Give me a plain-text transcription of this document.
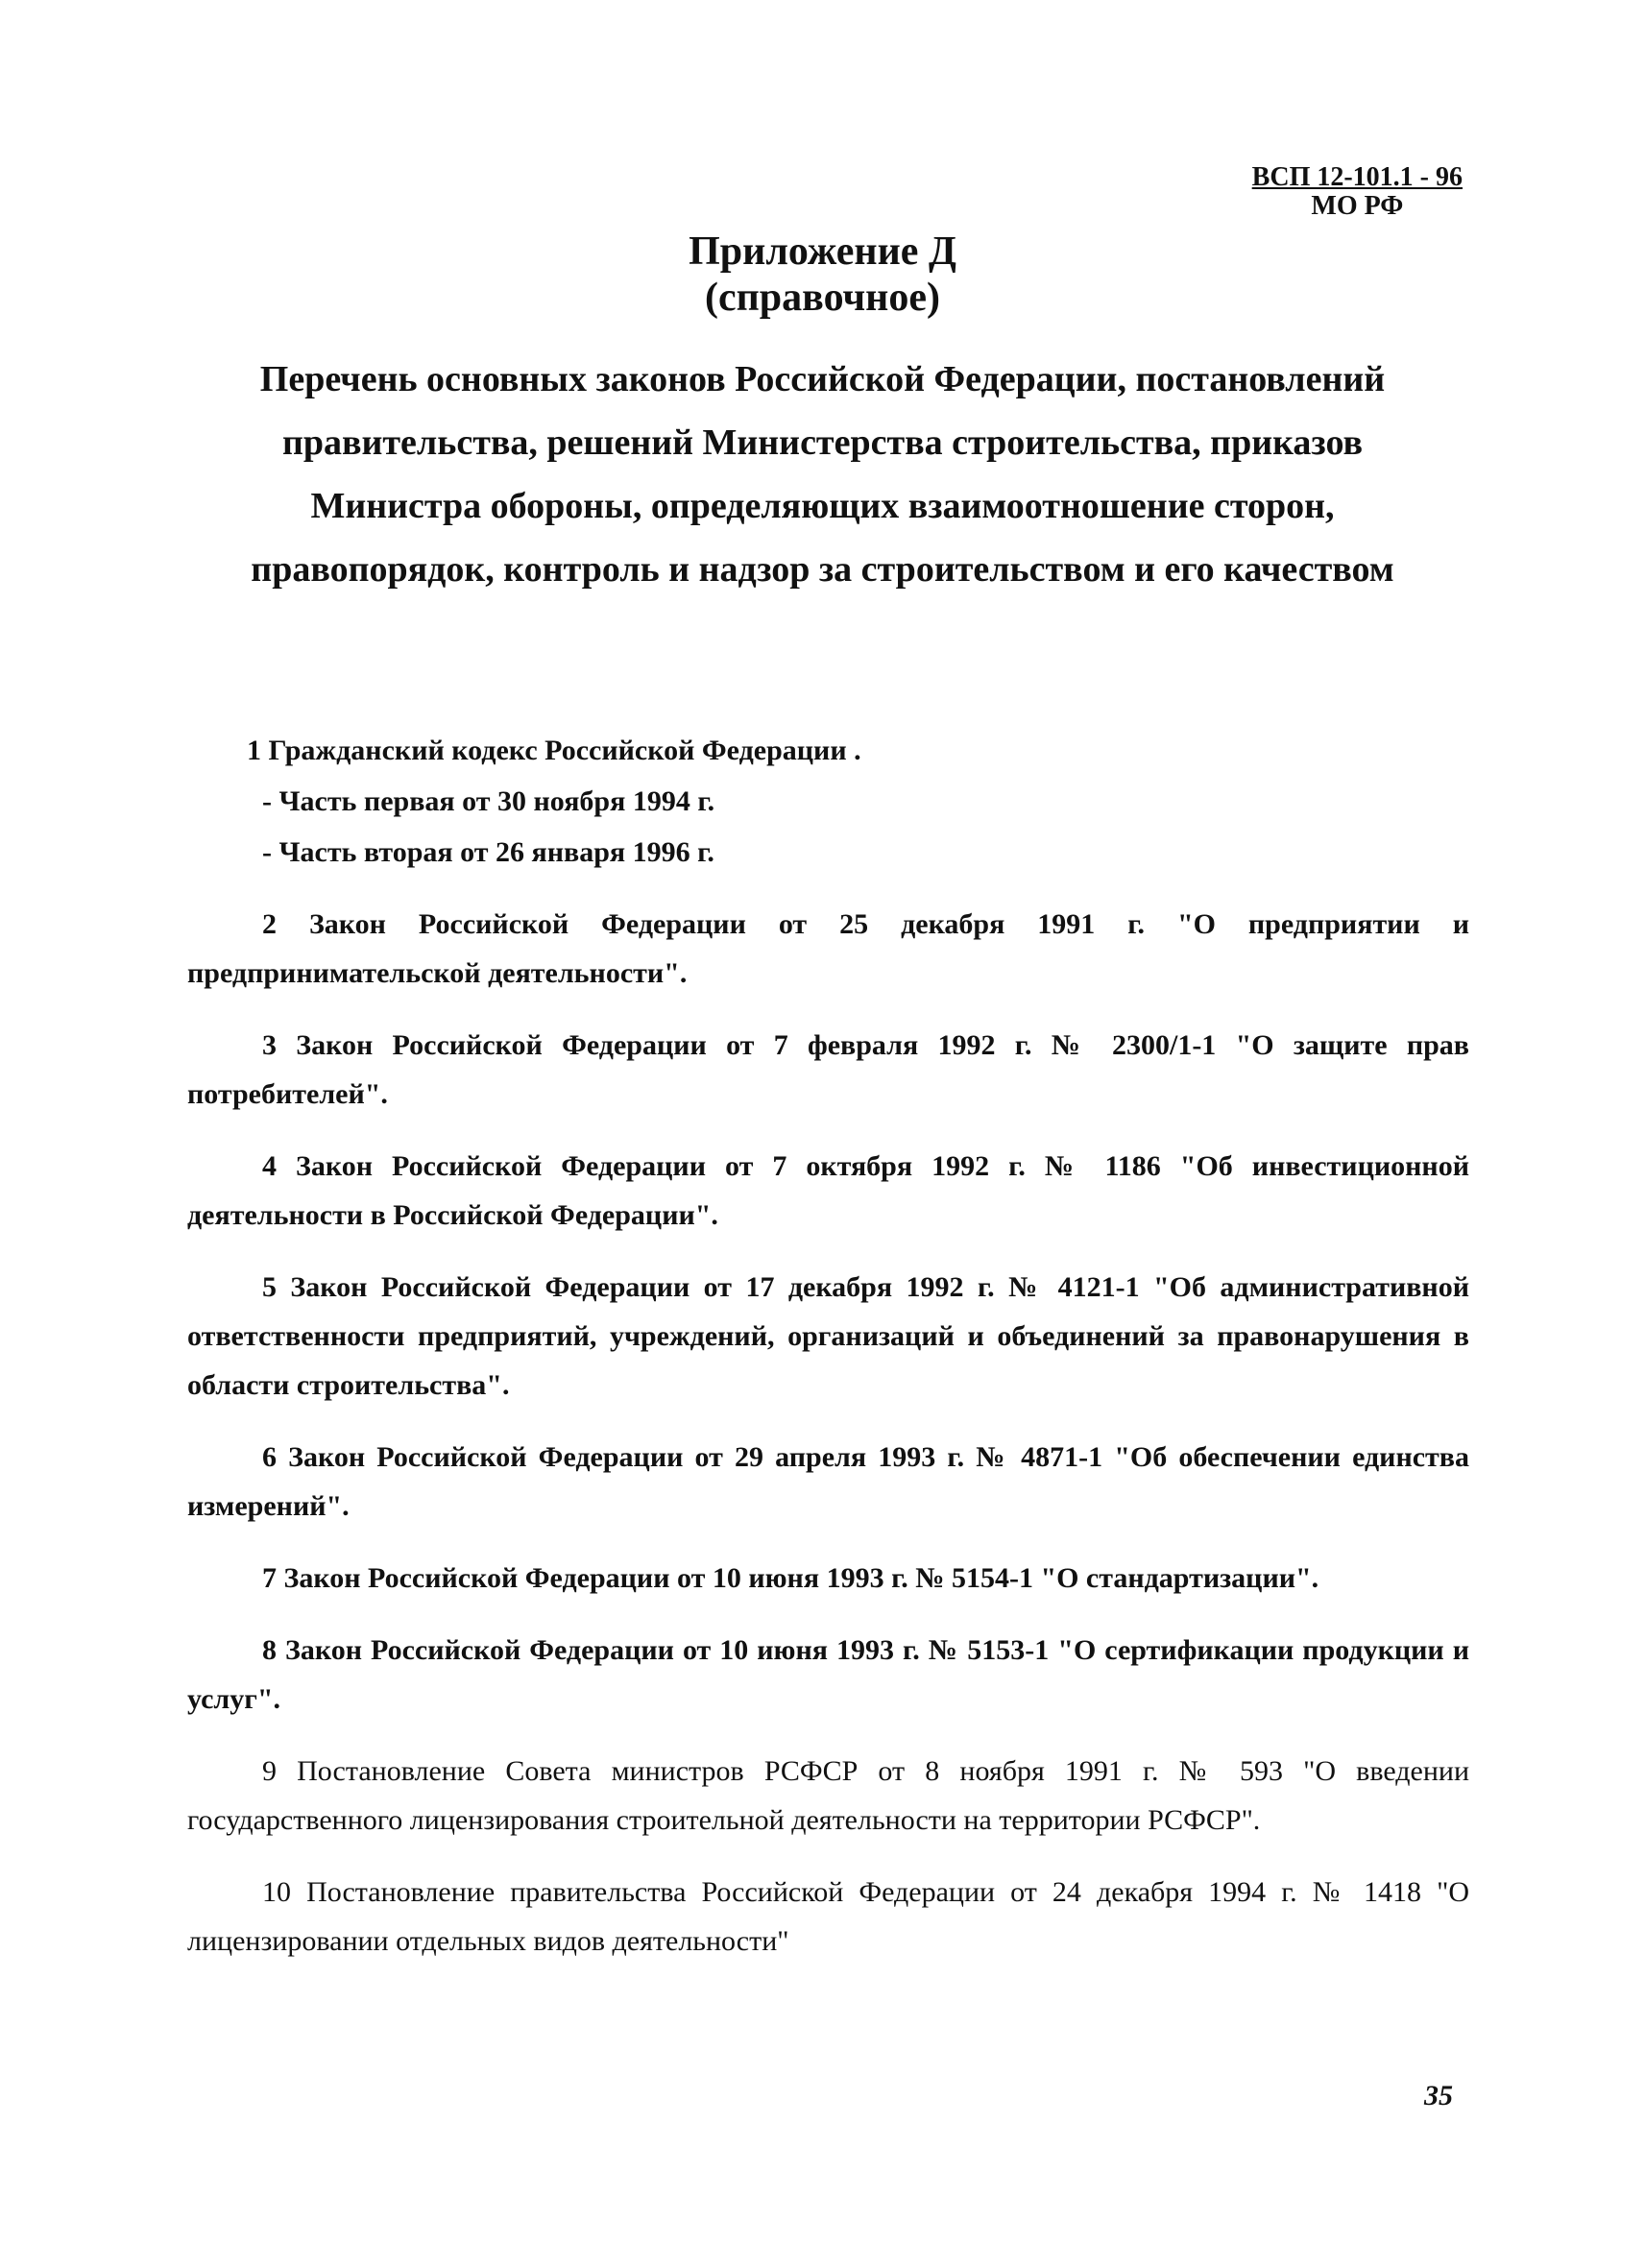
ВСП 12-101.1 - 96
МО РФ
Приложение Д
(справочное)
Перечень основных законов Российской Федерации, постановлений правительства, решений Министерства строительства, приказов Министра обороны, определяющих взаимоотношение сторон, правопорядок, контроль и надзор за строительством и его качеством

1 Гражданский кодекс Российской Федерации .

- Часть первая от 30 ноября 1994 г.

- Часть вторая от 26 января 1996 г.

2 Закон Российской Федерации от 25 декабря 1991 г. "О предприятии и предпринимательской деятельности".

3 Закон Российской Федерации от 7 февраля 1992 г. № 2300/1-1 "О защите прав потребителей".

4 Закон Российской Федерации от 7 октября 1992 г. № 1186 "Об инвестиционной деятельности в Российской Федерации".

5 Закон Российской Федерации от 17 декабря 1992 г. № 4121-1 "Об административной ответственности предприятий, учреждений, организаций и объединений за правонарушения в области строительства".

6 Закон Российской Федерации от 29 апреля 1993 г. № 4871-1 "Об обеспечении единства измерений".

7 Закон Российской Федерации от 10 июня 1993 г. № 5154-1 "О стандартизации".

8 Закон Российской Федерации от 10 июня 1993 г. № 5153-1 "О сертификации продукции и услуг".

9 Постановление Совета министров РСФСР от 8 ноября 1991 г. № 593 "О введении государственного лицензирования строительной деятельности на территории РСФСР".

10 Постановление правительства Российской Федерации от 24 декабря 1994 г. № 1418 "О лицензировании отдельных видов деятельности"

35
